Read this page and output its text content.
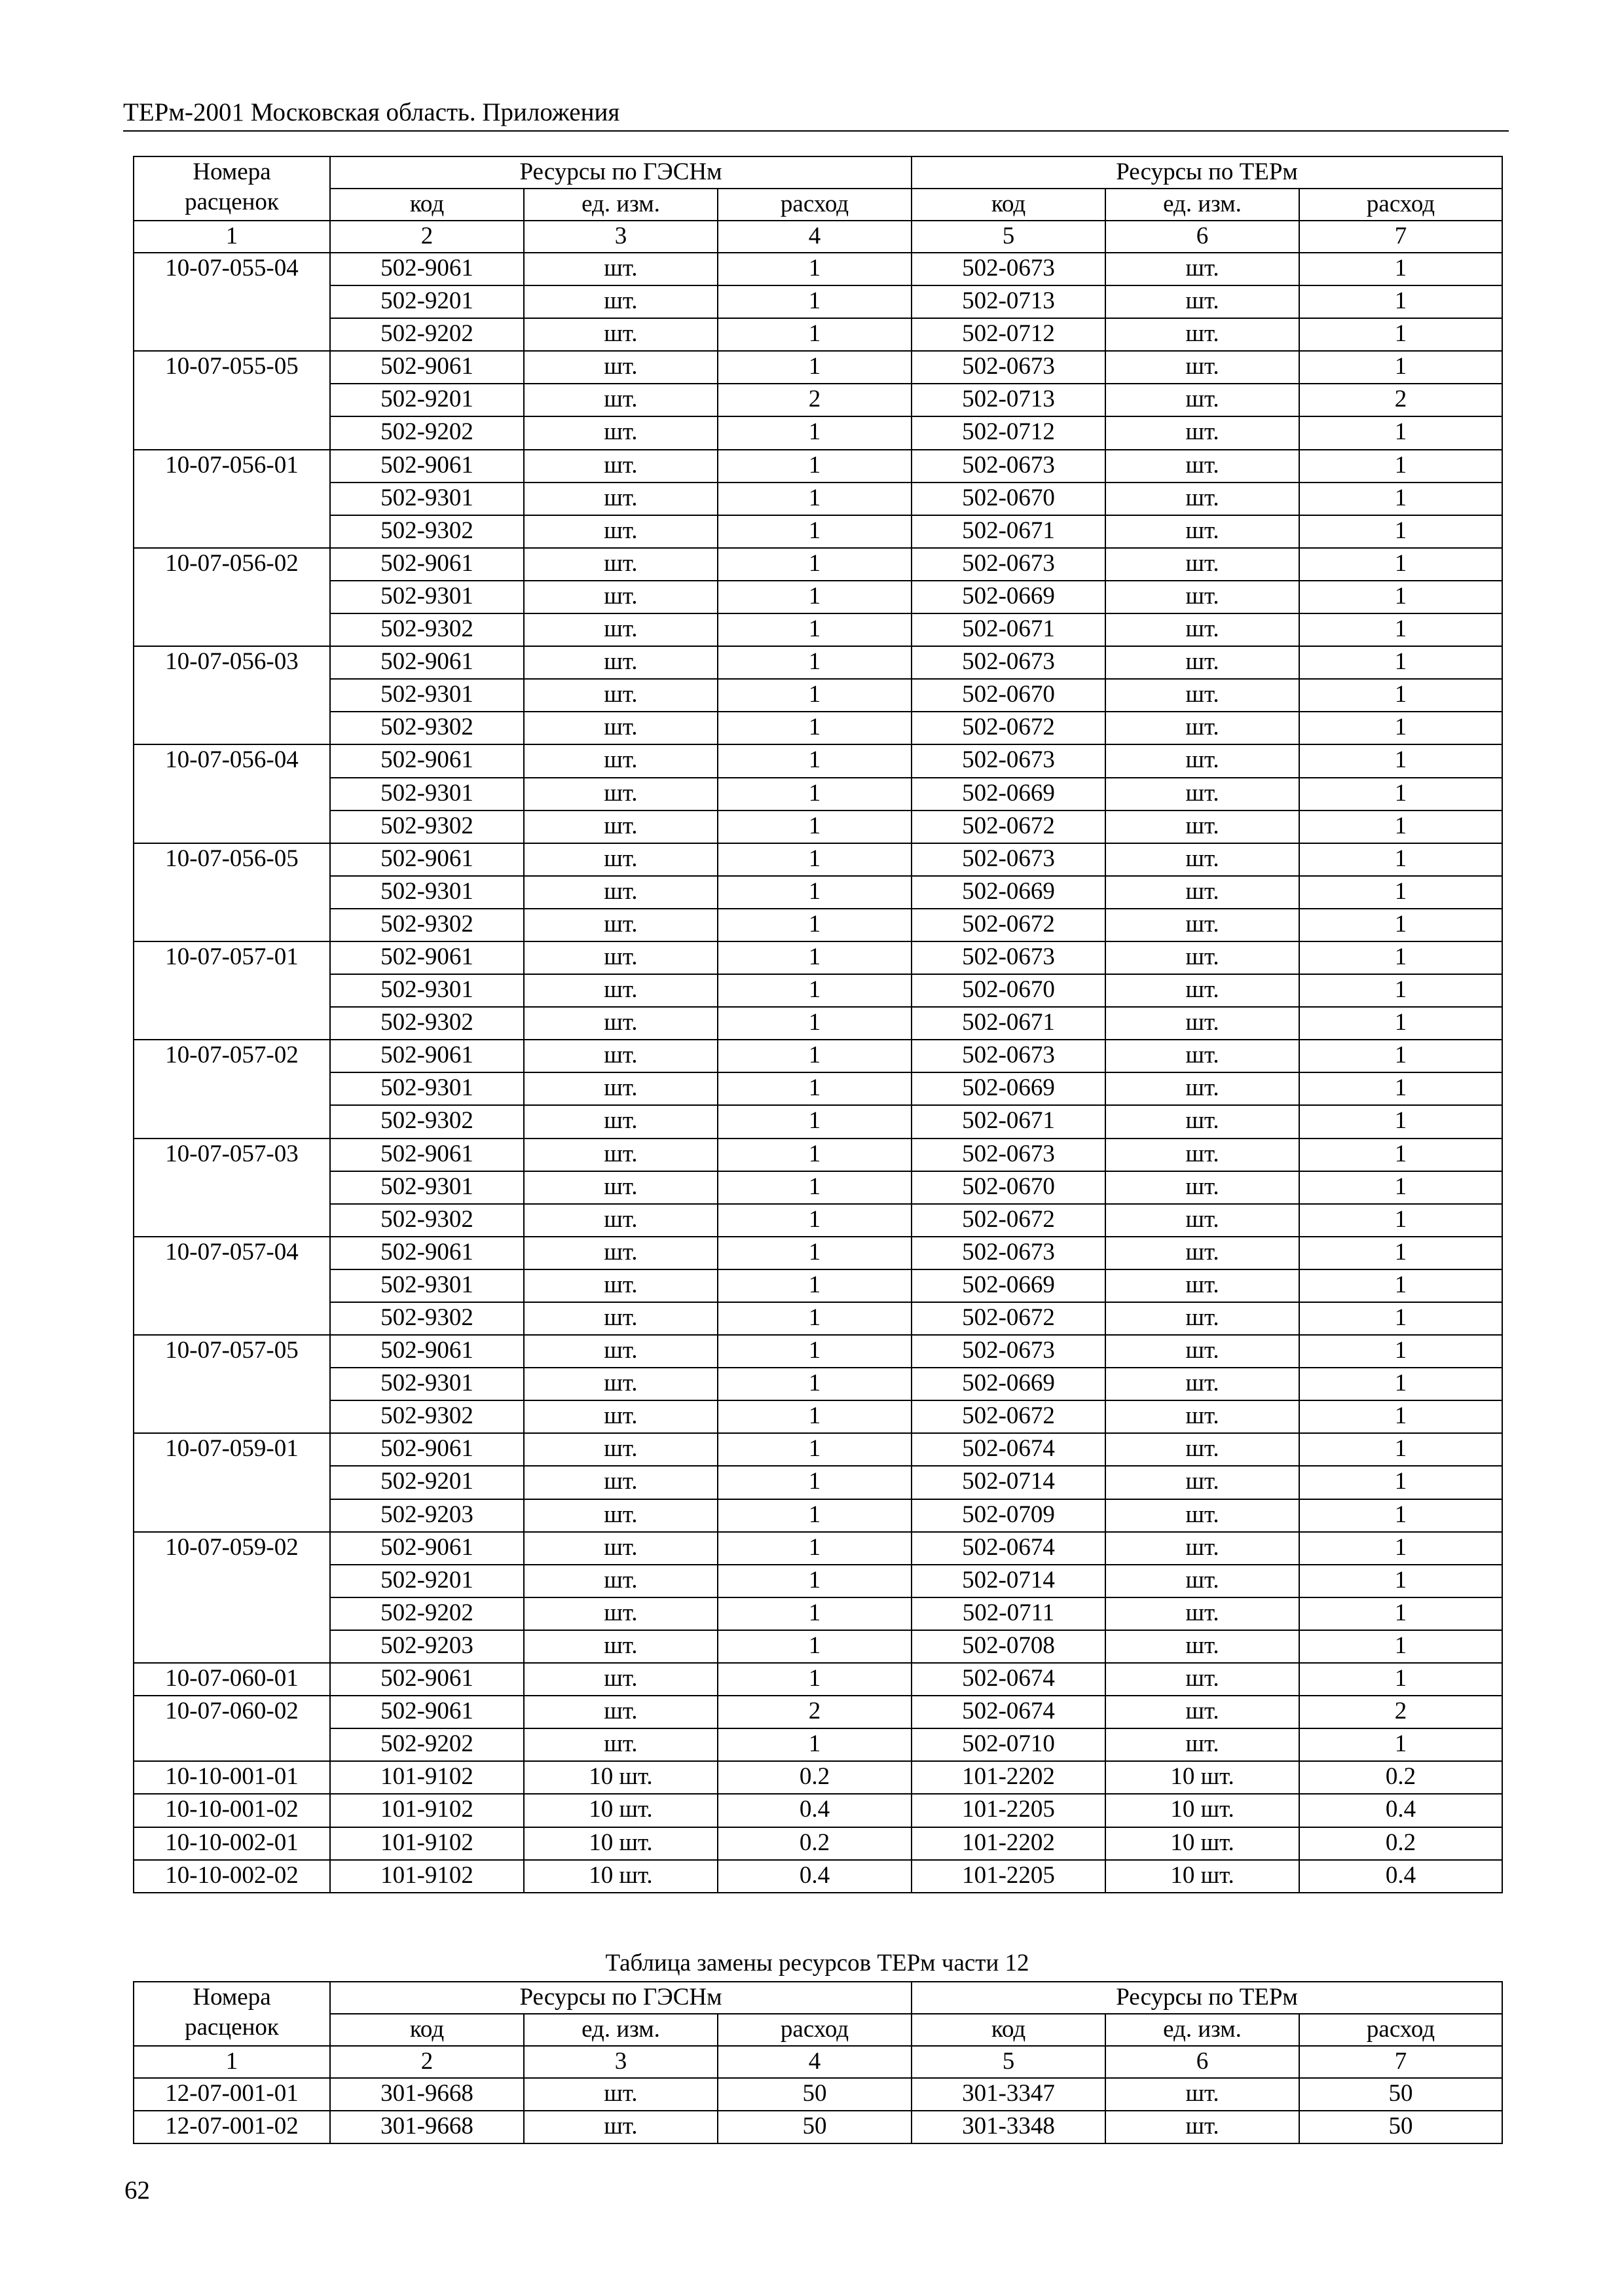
ТЕРм-2001 Московская область. Приложения
Номера
расценок	Ресурсы по ГЭСНм			Ресурсы по ТЕРм		
	код	ед. изм.	расход	код	ед. изм.	расход
1	2	3	4	5	6	7
10-07-055-04	502-9061	шт.	1	502-0673	шт.	1
	502-9201	шт.	1	502-0713	шт.	1
	502-9202	шт.	1	502-0712	шт.	1
10-07-055-05	502-9061	шт.	1	502-0673	шт.	1
	502-9201	шт.	2	502-0713	шт.	2
	502-9202	шт.	1	502-0712	шт.	1
10-07-056-01	502-9061	шт.	1	502-0673	шт.	1
	502-9301	шт.	1	502-0670	шт.	1
	502-9302	шт.	1	502-0671	шт.	1
10-07-056-02	502-9061	шт.	1	502-0673	шт.	1
	502-9301	шт.	1	502-0669	шт.	1
	502-9302	шт.	1	502-0671	шт.	1
10-07-056-03	502-9061	шт.	1	502-0673	шт.	1
	502-9301	шт.	1	502-0670	шт.	1
	502-9302	шт.	1	502-0672	шт.	1
10-07-056-04	502-9061	шт.	1	502-0673	шт.	1
	502-9301	шт.	1	502-0669	шт.	1
	502-9302	шт.	1	502-0672	шт.	1
10-07-056-05	502-9061	шт.	1	502-0673	шт.	1
	502-9301	шт.	1	502-0669	шт.	1
	502-9302	шт.	1	502-0672	шт.	1
10-07-057-01	502-9061	шт.	1	502-0673	шт.	1
	502-9301	шт.	1	502-0670	шт.	1
	502-9302	шт.	1	502-0671	шт.	1
10-07-057-02	502-9061	шт.	1	502-0673	шт.	1
	502-9301	шт.	1	502-0669	шт.	1
	502-9302	шт.	1	502-0671	шт.	1
10-07-057-03	502-9061	шт.	1	502-0673	шт.	1
	502-9301	шт.	1	502-0670	шт.	1
	502-9302	шт.	1	502-0672	шт.	1
10-07-057-04	502-9061	шт.	1	502-0673	шт.	1
	502-9301	шт.	1	502-0669	шт.	1
	502-9302	шт.	1	502-0672	шт.	1
10-07-057-05	502-9061	шт.	1	502-0673	шт.	1
	502-9301	шт.	1	502-0669	шт.	1
	502-9302	шт.	1	502-0672	шт.	1
10-07-059-01	502-9061	шт.	1	502-0674	шт.	1
	502-9201	шт.	1	502-0714	шт.	1
	502-9203	шт.	1	502-0709	шт.	1
10-07-059-02	502-9061	шт.	1	502-0674	шт.	1
	502-9201	шт.	1	502-0714	шт.	1
	502-9202	шт.	1	502-0711	шт.	1
	502-9203	шт.	1	502-0708	шт.	1
10-07-060-01	502-9061	шт.	1	502-0674	шт.	1
10-07-060-02	502-9061	шт.	2	502-0674	шт.	2
	502-9202	шт.	1	502-0710	шт.	1
10-10-001-01	101-9102	10 шт.	0.2	101-2202	10 шт.	0.2
10-10-001-02	101-9102	10 шт.	0.4	101-2205	10 шт.	0.4
10-10-002-01	101-9102	10 шт.	0.2	101-2202	10 шт.	0.2
10-10-002-02	101-9102	10 шт.	0.4	101-2205	10 шт.	0.4
Таблица замены ресурсов ТЕРм части 12
Номера
расценок	Ресурсы по ГЭСНм			Ресурсы по ТЕРм		
	код	ед. изм.	расход	код	ед. изм.	расход
1	2	3	4	5	6	7
12-07-001-01	301-9668	шт.	50	301-3347	шт.	50
12-07-001-02	301-9668	шт.	50	301-3348	шт.	50
62
